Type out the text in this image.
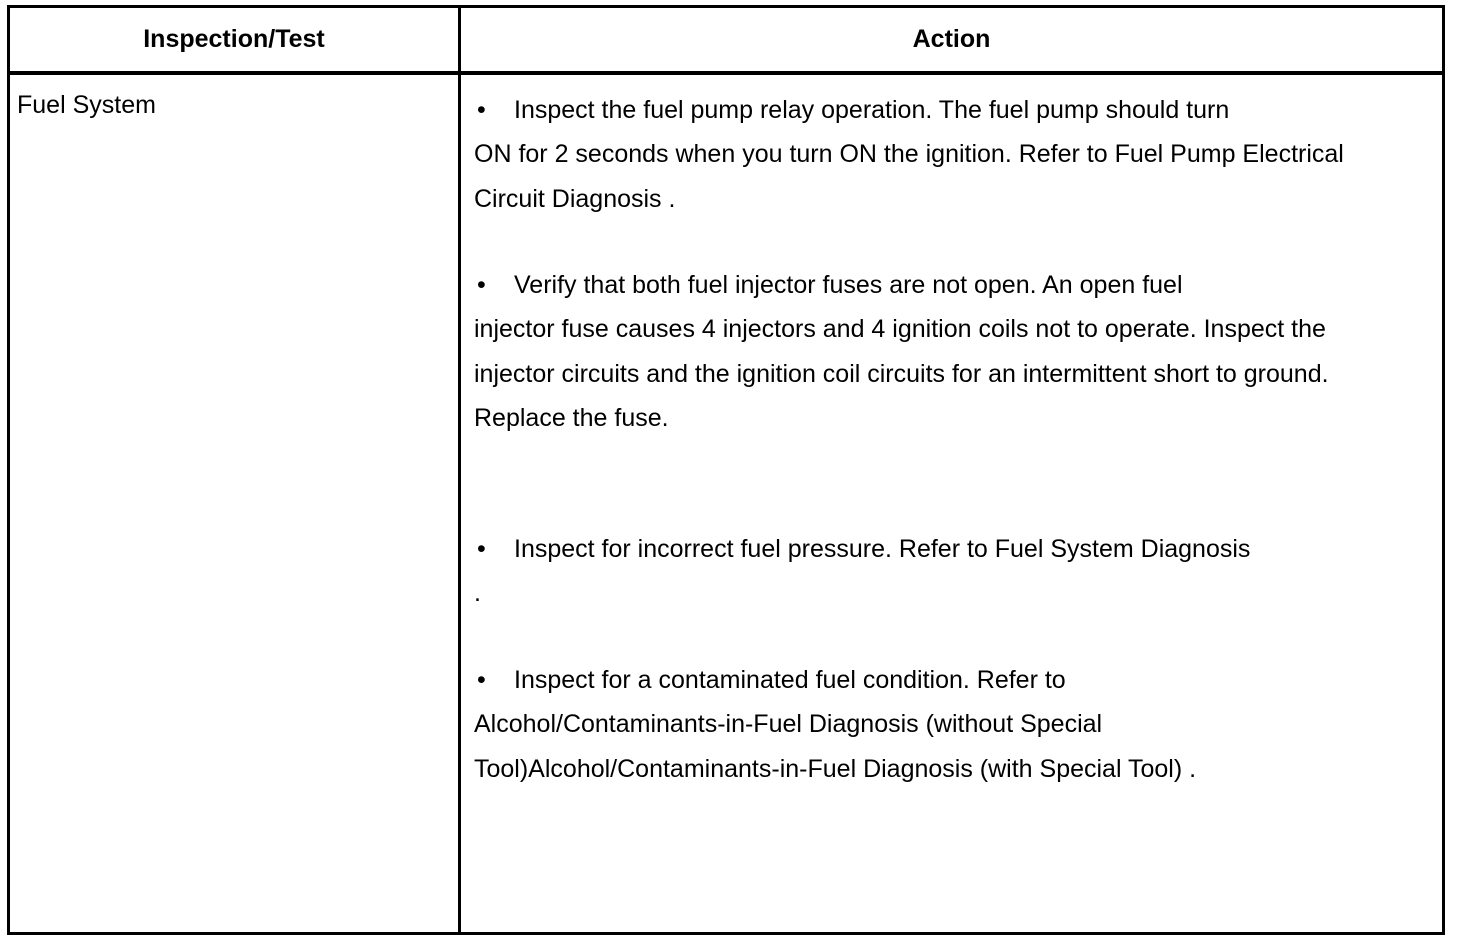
Inspection/Test	Action
Fuel System	• Inspect the fuel pump relay operation. The fuel pump should turn
ON for 2 seconds when you turn ON the ignition. Refer to Fuel Pump Electrical Circuit Diagnosis .
• Verify that both fuel injector fuses are not open. An open fuel
injector fuse causes 4 injectors and 4 ignition coils not to operate. Inspect the injector circuits and the ignition coil circuits for an intermittent short to ground. Replace the fuse.
• Inspect for incorrect fuel pressure. Refer to Fuel System Diagnosis
.
• Inspect for a contaminated fuel condition. Refer to
Alcohol/Contaminants-in-Fuel Diagnosis (without Special Tool)Alcohol/Contaminants-in-Fuel Diagnosis (with Special Tool) .
